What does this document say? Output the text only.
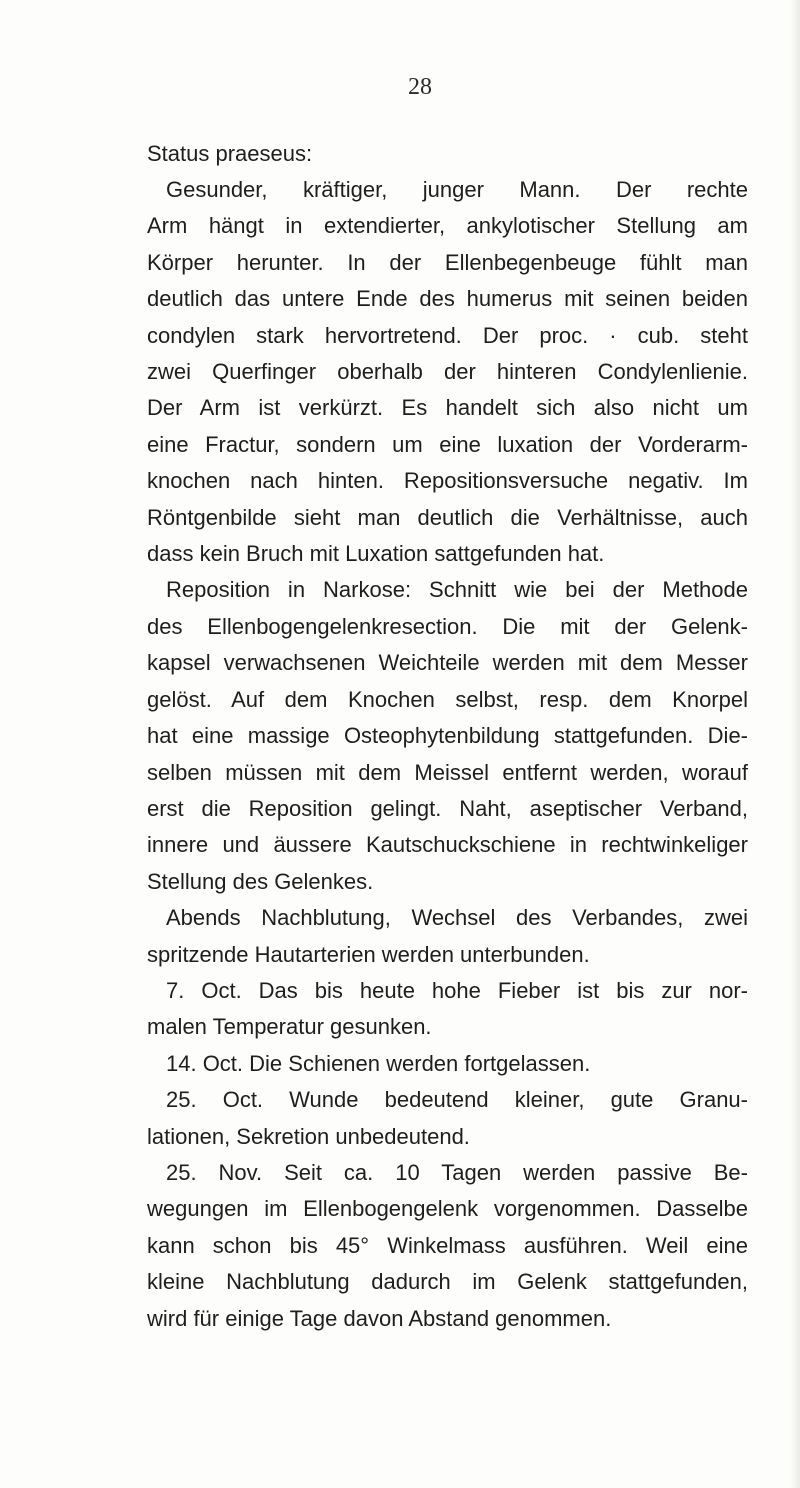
28
Status praeseus:
Gesunder, kräftiger, junger Mann. Der rechte
Arm hängt in extendierter, ankylotischer Stellung am
Körper herunter. In der Ellenbegenbeuge fühlt man
deutlich das untere Ende des humerus mit seinen beiden
condylen stark hervortretend. Der proc. · cub. steht
zwei Querfinger oberhalb der hinteren Condylenlienie.
Der Arm ist verkürzt. Es handelt sich also nicht um
eine Fractur, sondern um eine luxation der Vorderarm-
knochen nach hinten. Repositionsversuche negativ. Im
Röntgenbilde sieht man deutlich die Verhältnisse, auch
dass kein Bruch mit Luxation sattgefunden hat.
Reposition in Narkose: Schnitt wie bei der Methode
des Ellenbogengelenkresection. Die mit der Gelenk-
kapsel verwachsenen Weichteile werden mit dem Messer
gelöst. Auf dem Knochen selbst, resp. dem Knorpel
hat eine massige Osteophytenbildung stattgefunden. Die-
selben müssen mit dem Meissel entfernt werden, worauf
erst die Reposition gelingt. Naht, aseptischer Verband,
innere und äussere Kautschuckschiene in rechtwinkeliger
Stellung des Gelenkes.
Abends Nachblutung, Wechsel des Verbandes, zwei
spritzende Hautarterien werden unterbunden.
7. Oct. Das bis heute hohe Fieber ist bis zur nor-
malen Temperatur gesunken.
14. Oct. Die Schienen werden fortgelassen.
25. Oct. Wunde bedeutend kleiner, gute Granu-
lationen, Sekretion unbedeutend.
25. Nov. Seit ca. 10 Tagen werden passive Be-
wegungen im Ellenbogengelenk vorgenommen. Dasselbe
kann schon bis 45° Winkelmass ausführen. Weil eine
kleine Nachblutung dadurch im Gelenk stattgefunden,
wird für einige Tage davon Abstand genommen.
